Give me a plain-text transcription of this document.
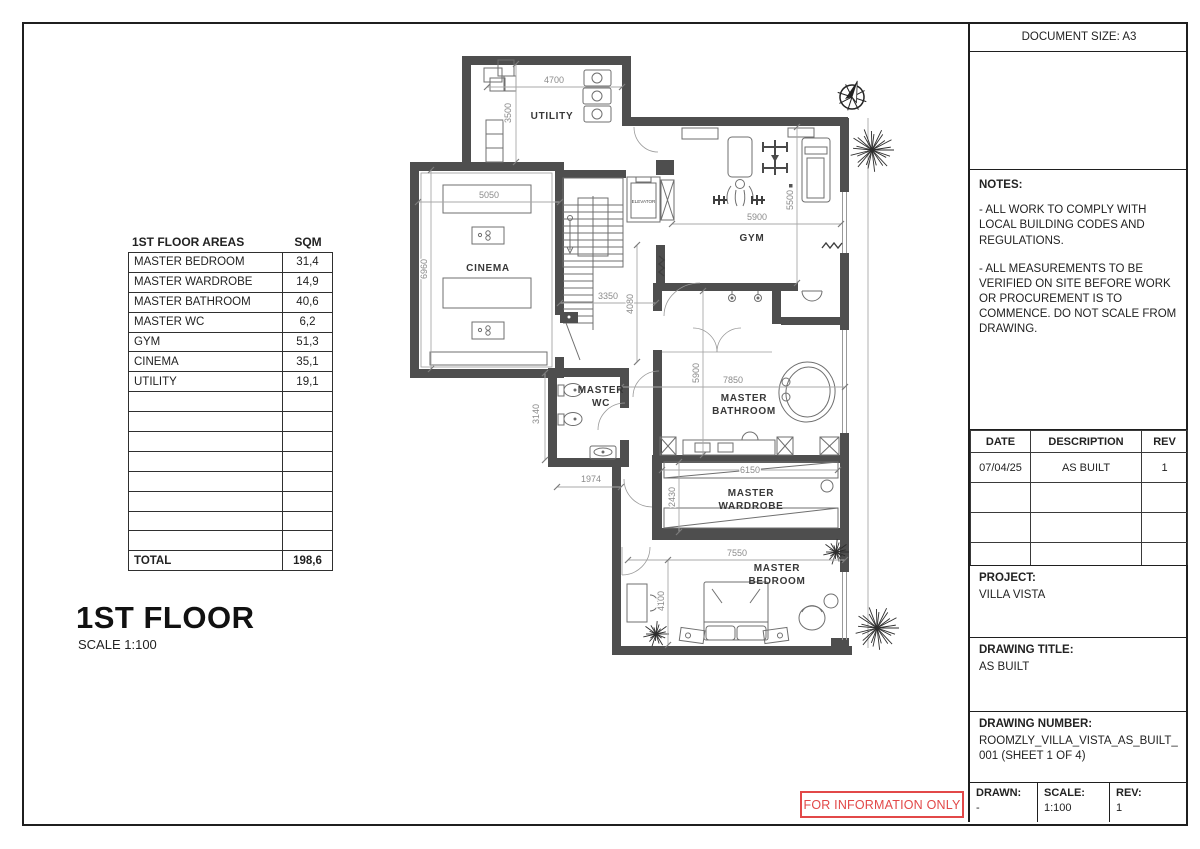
ELEVATOR
4700
3500
5050
6960
5900
5500
3350 4080
5900 7850
3140
1974
6150
2430
7550
4100
UTILITY
CINEMA
GYM
MASTER
WC	MASTER
BATHROOM
MASTER
WARDROBE
MASTER
BEDROOM
1ST FLOOR AREAS	SQM
MASTER BEDROOM	31,4
MASTER WARDROBE	14,9
MASTER BATHROOM	40,6
MASTER WC	6,2
GYM	51,3
CINEMA	35,1
UTILITY	19,1

TOTAL	198,6
1ST FLOOR
SCALE 1:100
FOR INFORMATION ONLY
DOCUMENT SIZE: A3
NOTES:

- ALL WORK TO COMPLY WITH LOCAL BUILDING CODES AND REGULATIONS.

- ALL MEASUREMENTS TO BE VERIFIED ON SITE BEFORE WORK OR PROCUREMENT IS TO COMMENCE. DO NOT SCALE FROM DRAWING.

DATE	DESCRIPTION	REV
07/04/25	AS BUILT	1

PROJECT:
VILLA VISTA
DRAWING TITLE:
AS BUILT
DRAWING NUMBER:
ROOMZLY_VILLA_VISTA_AS_BUILT_001 (SHEET 1 OF 4)
DRAWN:
-
SCALE:
1:100
REV:
1
